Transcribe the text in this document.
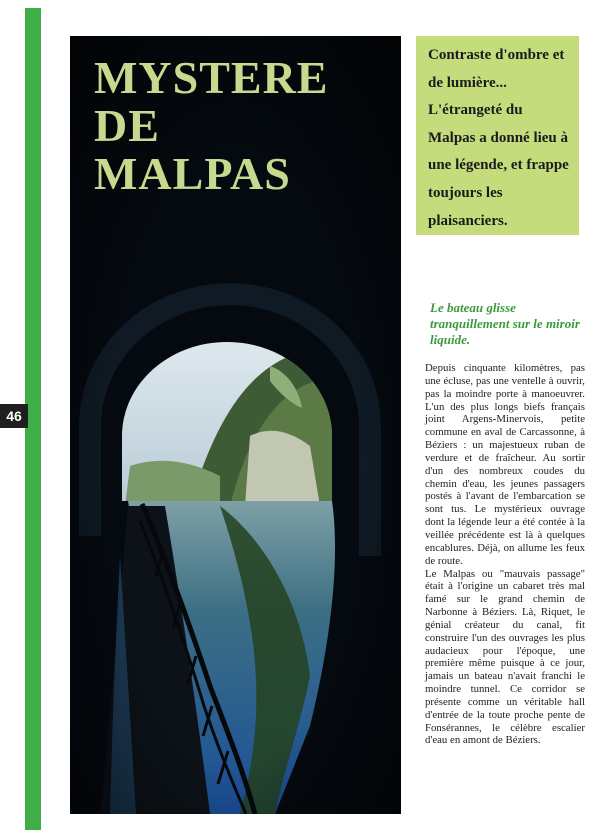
46
MYSTERE
DE
MALPAS

Contraste d'ombre et de lumière... L'étrangeté du Malpas a donné lieu à une légende, et frappe toujours les plaisanciers.

Le bateau glisse tranquillement sur le miroir liquide.

Depuis cinquante kilomètres, pas une écluse, pas une ventelle à ouvrir, pas la moindre porte à manoeuvrer. L'un des plus longs biefs français joint Argens-Minervois, petite commune en aval de Carcassonne, à Béziers : un majestueux ruban de verdure et de fraîcheur. Au sortir d'un des nombreux coudes du chemin d'eau, les jeunes passagers postés à l'avant de l'embarcation se sont tus. Le mystérieux ouvrage dont la légende leur a été contée à la veillée précédente est là à quelques encablures. Déjà, on allume les feux de route.

Le Malpas ou "mauvais passage" était à l'origine un cabaret très mal famé sur le grand chemin de Narbonne à Béziers. Là, Riquet, le génial créateur du canal, fit construire l'un des ouvrages les plus audacieux pour l'époque, une première même puisque à ce jour, jamais un bateau n'avait franchi le moindre tunnel. Ce corridor se présente comme un véritable hall d'entrée de la toute proche pente de Fonsérannes, le célèbre escalier d'eau en amont de Béziers.
